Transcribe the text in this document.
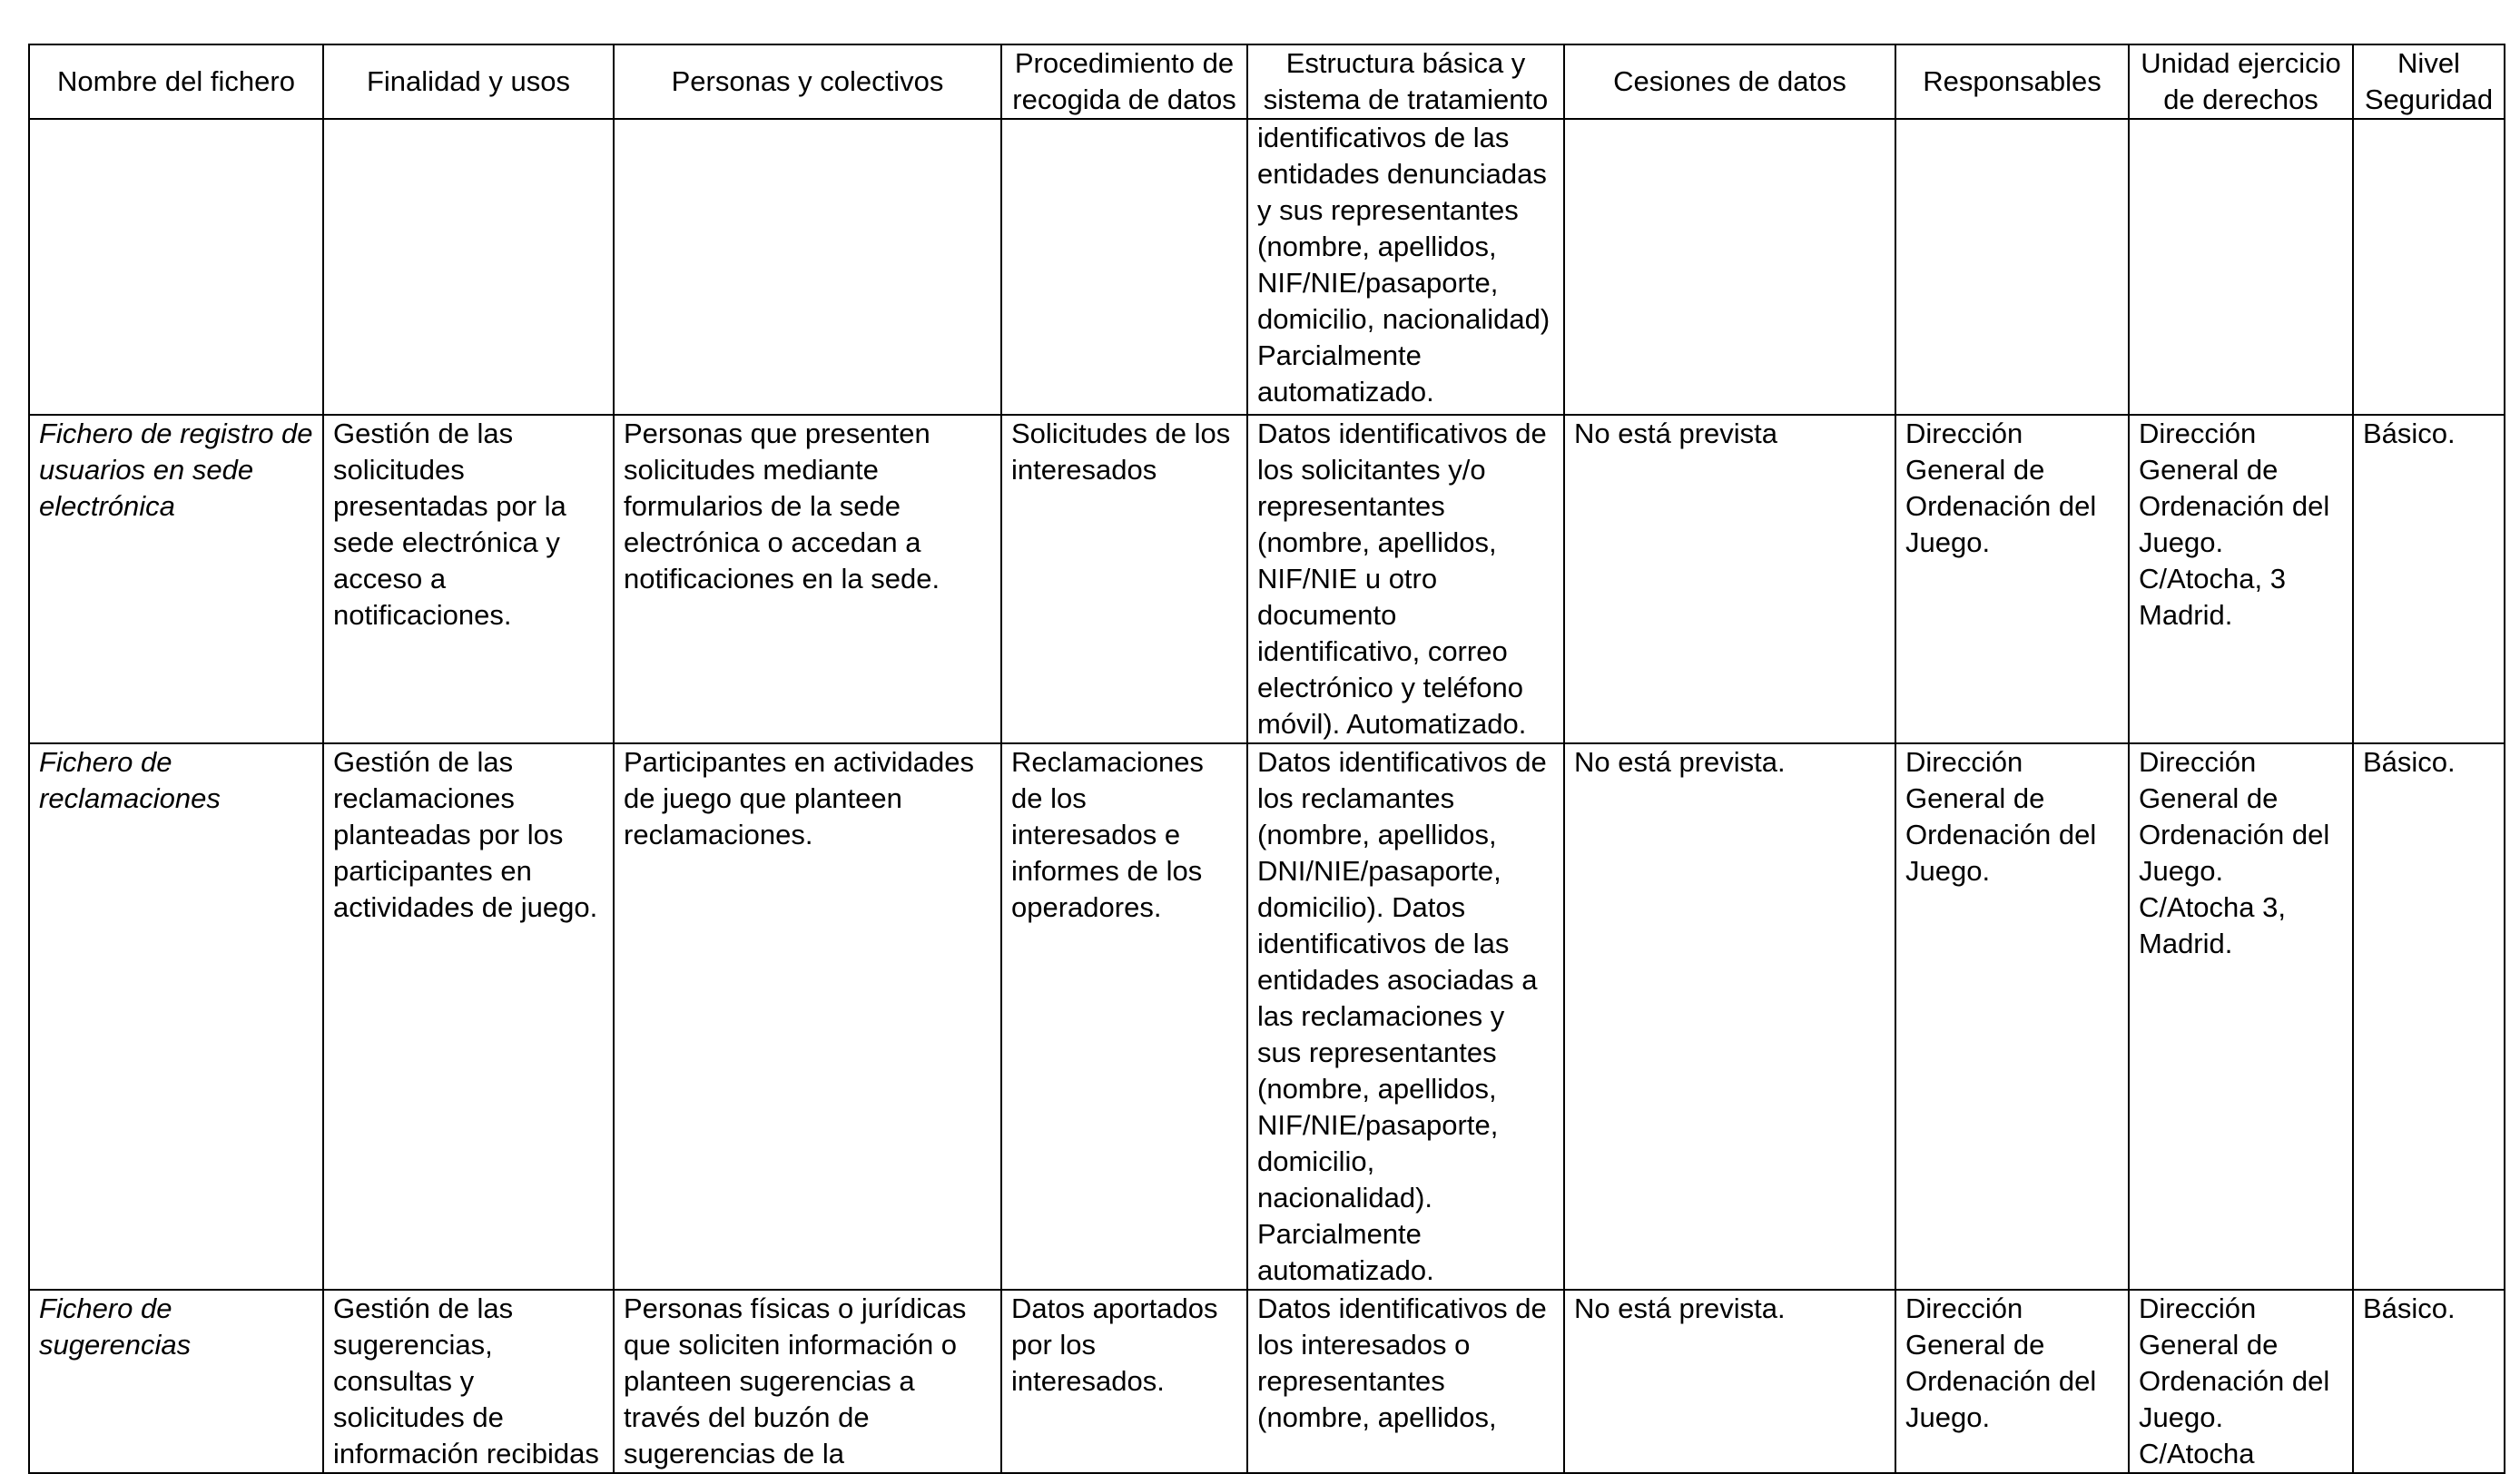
Nombre del fichero	Finalidad y usos	Personas y colectivos	Procedimiento de recogida de datos	Estructura básica y sistema de tratamiento	Cesiones de datos	Responsables	Unidad ejercicio de derechos	Nivel Seguridad
				identificativos de las entidades denunciadas y sus representantes (nombre, apellidos, NIF/NIE/pasaporte, domicilio, nacionalidad) Parcialmente automatizado.				
Fichero de registro de usuarios en sede electrónica	Gestión de las solicitudes presentadas por la sede electrónica y acceso a notificaciones.	Personas que presenten solicitudes mediante formularios de la sede electrónica o accedan a notificaciones en la sede.	Solicitudes de los interesados	Datos identificativos de los solicitantes y/o representantes (nombre, apellidos, NIF/NIE u otro documento identificativo, correo electrónico y teléfono móvil). Automatizado.	No está prevista	Dirección General de Ordenación del Juego.	Dirección General de Ordenación del Juego. C/Atocha, 3 Madrid.	Básico.
Fichero de reclamaciones	Gestión de las reclamaciones planteadas por los participantes en actividades de juego.	Participantes en actividades de juego que planteen reclamaciones.	Reclamaciones de los interesados e informes de los operadores.	Datos identificativos de los reclamantes (nombre, apellidos, DNI/NIE/pasaporte, domicilio). Datos identificativos de las entidades asociadas a las reclamaciones y sus representantes (nombre, apellidos, NIF/NIE/pasaporte, domicilio, nacionalidad). Parcialmente automatizado.	No está prevista.	Dirección General de Ordenación del Juego.	Dirección General de Ordenación del Juego. C/Atocha 3, Madrid.	Básico.
Fichero de sugerencias	Gestión de las sugerencias, consultas y solicitudes de información recibidas	Personas físicas o jurídicas que soliciten información o planteen sugerencias a través del buzón de sugerencias de la	Datos aportados por los interesados.	Datos identificativos de los interesados o representantes (nombre, apellidos,	No está prevista.	Dirección General de Ordenación del Juego.	Dirección General de Ordenación del Juego. C/Atocha	Básico.
